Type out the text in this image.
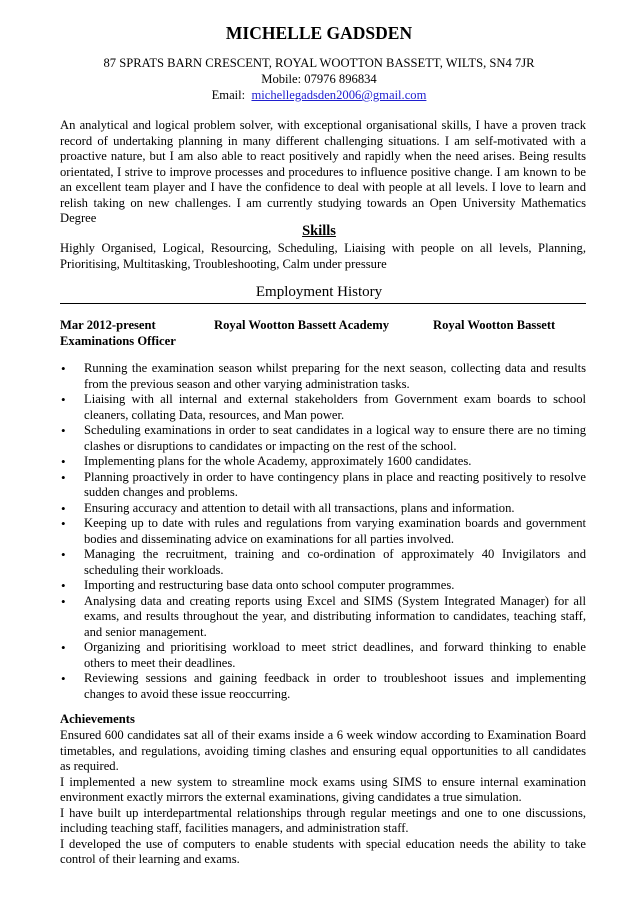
MICHELLE GADSDEN
87 SPRATS BARN CRESCENT, ROYAL WOOTTON BASSETT, WILTS, SN4 7JR
Mobile: 07976 896834
Email: michellegadsden2006@gmail.com
An analytical and logical problem solver, with exceptional organisational skills, I have a proven track record of undertaking planning in many different challenging situations. I am self-motivated with a proactive nature, but I am also able to react positively and rapidly when the need arises. Being results orientated, I strive to improve processes and procedures to influence positive change. I am known to be an excellent team player and I have the confidence to deal with people at all levels. I love to learn and relish taking on new challenges. I am currently studying towards an Open University Mathematics Degree
Skills
Highly Organised, Logical, Resourcing, Scheduling, Liaising with people on all levels, Planning, Prioritising, Multitasking, Troubleshooting, Calm under pressure
Employment History
Mar 2012-present	Royal Wootton Bassett Academy	Royal Wootton Bassett
Examinations Officer
• Running the examination season whilst preparing for the next season, collecting data and results from the previous season and other varying administration tasks.
• Liaising with all internal and external stakeholders from Government exam boards to school cleaners, collating Data, resources, and Man power.
• Scheduling examinations in order to seat candidates in a logical way to ensure there are no timing clashes or disruptions to candidates or impacting on the rest of the school.
• Implementing plans for the whole Academy, approximately 1600 candidates.
• Planning proactively in order to have contingency plans in place and reacting positively to resolve sudden changes and problems.
• Ensuring accuracy and attention to detail with all transactions, plans and information.
• Keeping up to date with rules and regulations from varying examination boards and government bodies and disseminating advice on examinations for all parties involved.
• Managing the recruitment, training and co-ordination of approximately 40 Invigilators and scheduling their workloads.
• Importing and restructuring base data onto school computer programmes.
• Analysing data and creating reports using Excel and SIMS (System Integrated Manager) for all exams, and results throughout the year, and distributing information to candidates, teaching staff, and senior management.
• Organizing and prioritising workload to meet strict deadlines, and forward thinking to enable others to meet their deadlines.
• Reviewing sessions and gaining feedback in order to troubleshoot issues and implementing changes to avoid these issue reoccurring.
Achievements

Ensured 600 candidates sat all of their exams inside a 6 week window according to Examination Board timetables, and regulations, avoiding timing clashes and ensuring equal opportunities to all candidates as required.

I implemented a new system to streamline mock exams using SIMS to ensure internal examination environment exactly mirrors the external examinations, giving candidates a true simulation.

I have built up interdepartmental relationships through regular meetings and one to one discussions, including teaching staff, facilities managers, and administration staff.

I developed the use of computers to enable students with special education needs the ability to take control of their learning and exams.
